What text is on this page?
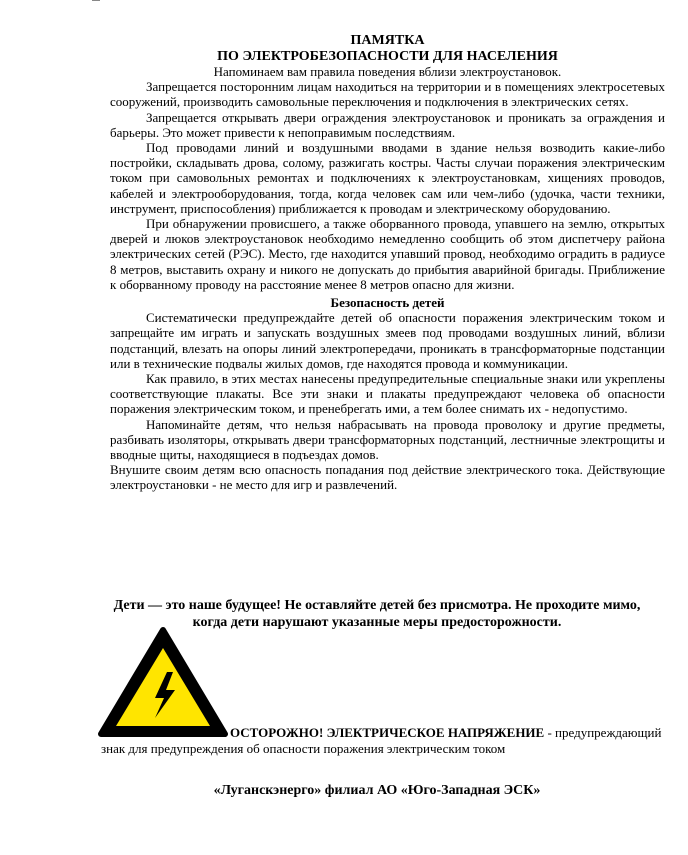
ПАМЯТКА
ПО ЭЛЕКТРОБЕЗОПАСНОСТИ ДЛЯ НАСЕЛЕНИЯ

Напоминаем вам правила поведения вблизи электроустановок.

Запрещается посторонним лицам находиться на территории и в помещениях электросетевых сооружений, производить самовольные переключения и подключения в электрических сетях.

Запрещается открывать двери ограждения электроустановок и проникать за ограждения и барьеры. Это может привести к непоправимым последствиям.

Под проводами линий и воздушными вводами в здание нельзя возводить какие-либо постройки, складывать дрова, солому, разжигать костры. Часты случаи поражения электрическим током при самовольных ремонтах и подключениях к электроустановкам, хищениях проводов, кабелей и электрооборудования, тогда, когда человек сам или чем-либо (удочка, части техники, инструмент, приспособления) приближается к проводам и электрическому оборудованию.

При обнаружении провисшего, а также оборванного провода, упавшего на землю, открытых дверей и люков электроустановок необходимо немедленно сообщить об этом диспетчеру района электрических сетей (РЭС). Место, где находится упавший провод, необходимо оградить в радиусе 8 метров, выставить охрану и никого не допускать до прибытия аварийной бригады. Приближение к оборванному проводу на расстояние менее 8 метров опасно для жизни.

Безопасность детей

Систематически предупреждайте детей об опасности поражения электрическим током и запрещайте им играть и запускать воздушных змеев под проводами воздушных линий, вблизи подстанций, влезать на опоры линий электропередачи, проникать в трансформаторные подстанции или в технические подвалы жилых домов, где находятся провода и коммуникации.

Как правило, в этих местах нанесены предупредительные специальные знаки или укреплены соответствующие плакаты. Все эти знаки и плакаты предупреждают человека об опасности поражения электрическим током, и пренебрегать ими, а тем более снимать их - недопустимо.

Напоминайте детям, что нельзя набрасывать на провода проволоку и другие предметы, разбивать изоляторы, открывать двери трансформаторных подстанций, лестничные электрощиты и вводные щиты, находящиеся в подъездах домов.

Внушите своим детям всю опасность попадания под действие электрического тока. Действующие электроустановки - не место для игр и развлечений.

Дети — это наше будущее! Не оставляйте детей без присмотра. Не проходите мимо,
когда дети нарушают указанные меры предосторожности.
ОСТОРОЖНО! ЭЛЕКТРИЧЕСКОЕ НАПРЯЖЕНИЕ - предупреждающий
знак для предупреждения об опасности поражения электрическим током
«Луганскэнерго» филиал АО «Юго-Западная ЭСК»
